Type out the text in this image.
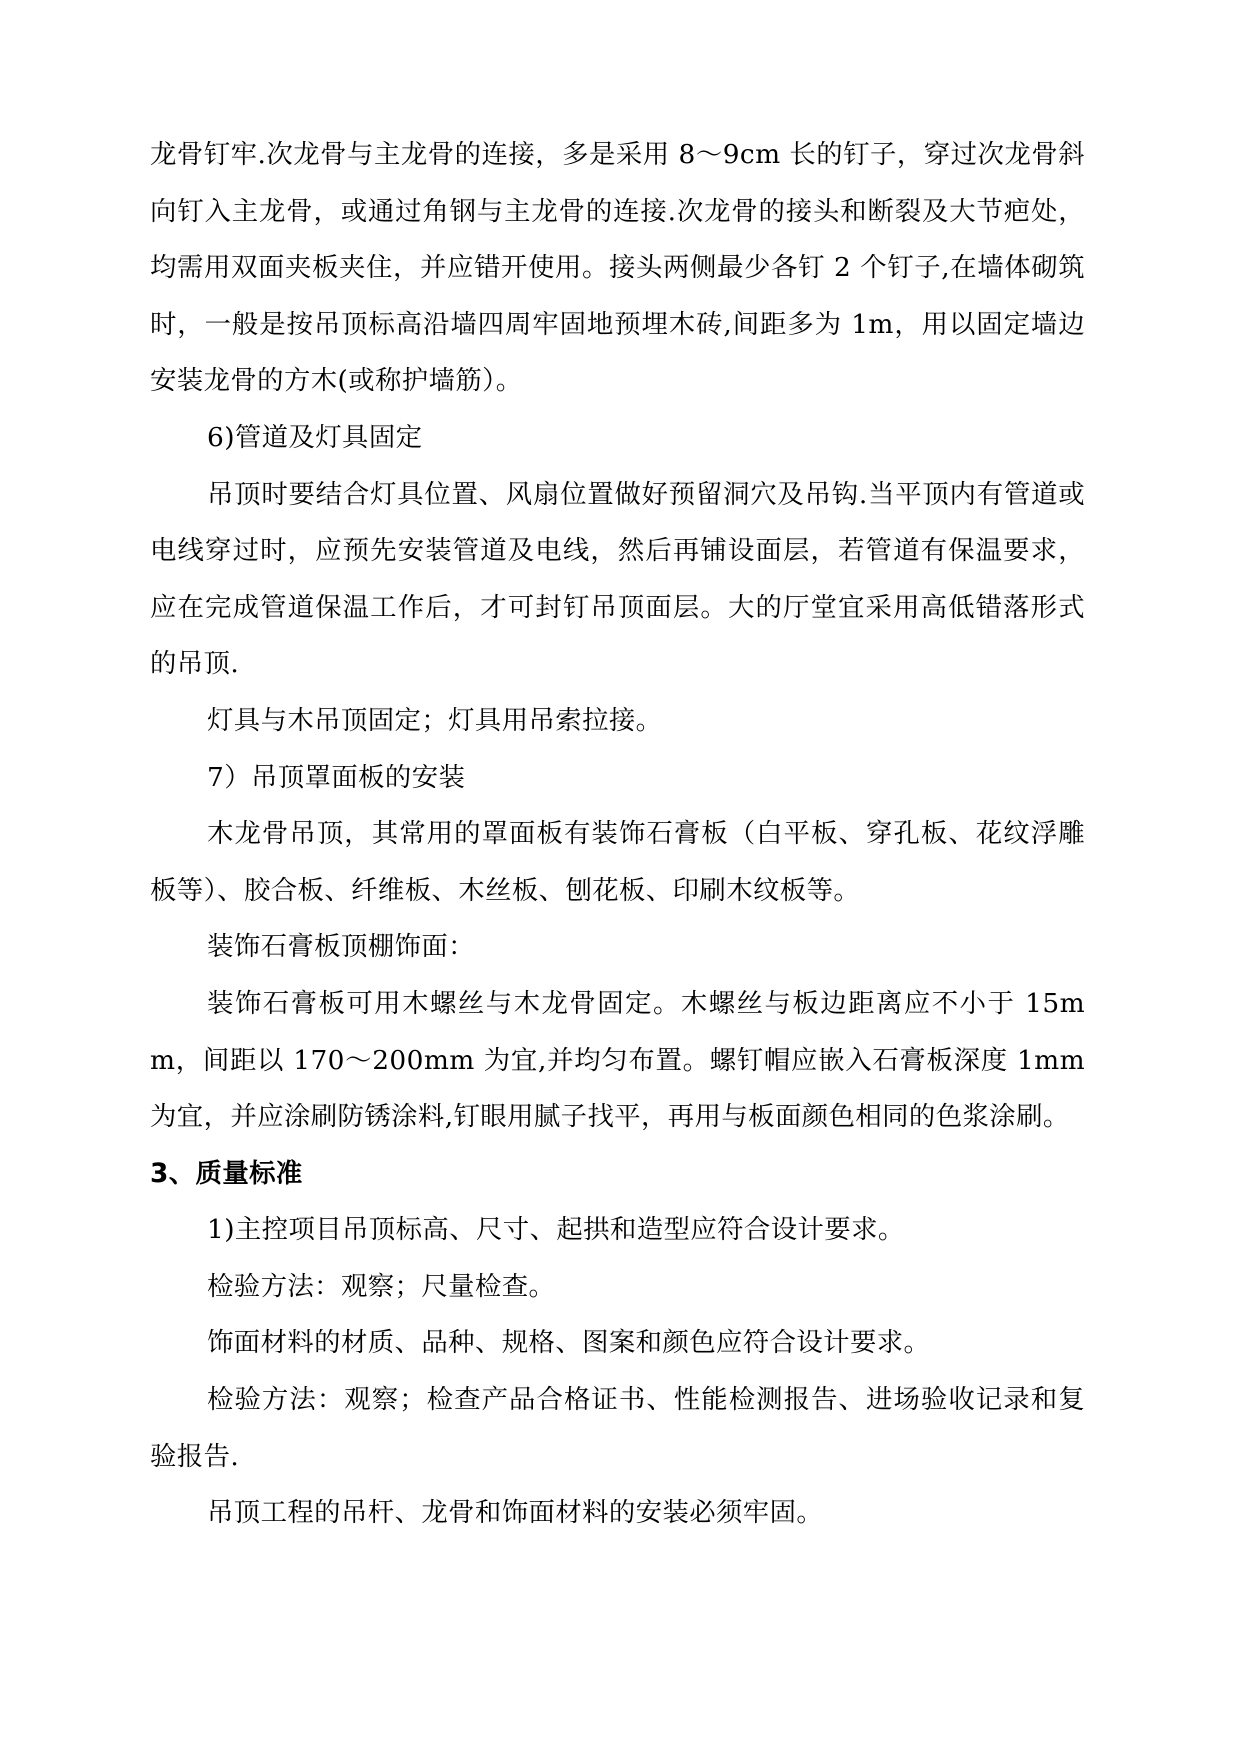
龙骨钉牢.次龙骨与主龙骨的连接，多是采用 8～9cm 长的钉子，穿过次龙骨斜向钉入主龙骨，或通过角钢与主龙骨的连接.次龙骨的接头和断裂及大节疤处，均需用双面夹板夹住，并应错开使用。接头两侧最少各钉 2 个钉子,在墙体砌筑时，一般是按吊顶标高沿墙四周牢固地预埋木砖,间距多为 1m，用以固定墙边安装龙骨的方木(或称护墙筋）。

6)管道及灯具固定

吊顶时要结合灯具位置、风扇位置做好预留洞穴及吊钩.当平顶内有管道或电线穿过时，应预先安装管道及电线，然后再铺设面层，若管道有保温要求，应在完成管道保温工作后，才可封钉吊顶面层。大的厅堂宜采用高低错落形式的吊顶.

灯具与木吊顶固定；灯具用吊索拉接。

7）吊顶罩面板的安装

木龙骨吊顶，其常用的罩面板有装饰石膏板（白平板、穿孔板、花纹浮雕板等）、胶合板、纤维板、木丝板、刨花板、印刷木纹板等。

装饰石膏板顶棚饰面：

装饰石膏板可用木螺丝与木龙骨固定。木螺丝与板边距离应不小于 15mm，间距以 170～200mm 为宜,并均匀布置。螺钉帽应嵌入石膏板深度 1mm 为宜，并应涂刷防锈涂料,钉眼用腻子找平，再用与板面颜色相同的色浆涂刷。

3、质量标准

1)主控项目吊顶标高、尺寸、起拱和造型应符合设计要求。

检验方法：观察；尺量检查。

饰面材料的材质、品种、规格、图案和颜色应符合设计要求。

检验方法：观察；检查产品合格证书、性能检测报告、进场验收记录和复验报告.

吊顶工程的吊杆、龙骨和饰面材料的安装必须牢固。
